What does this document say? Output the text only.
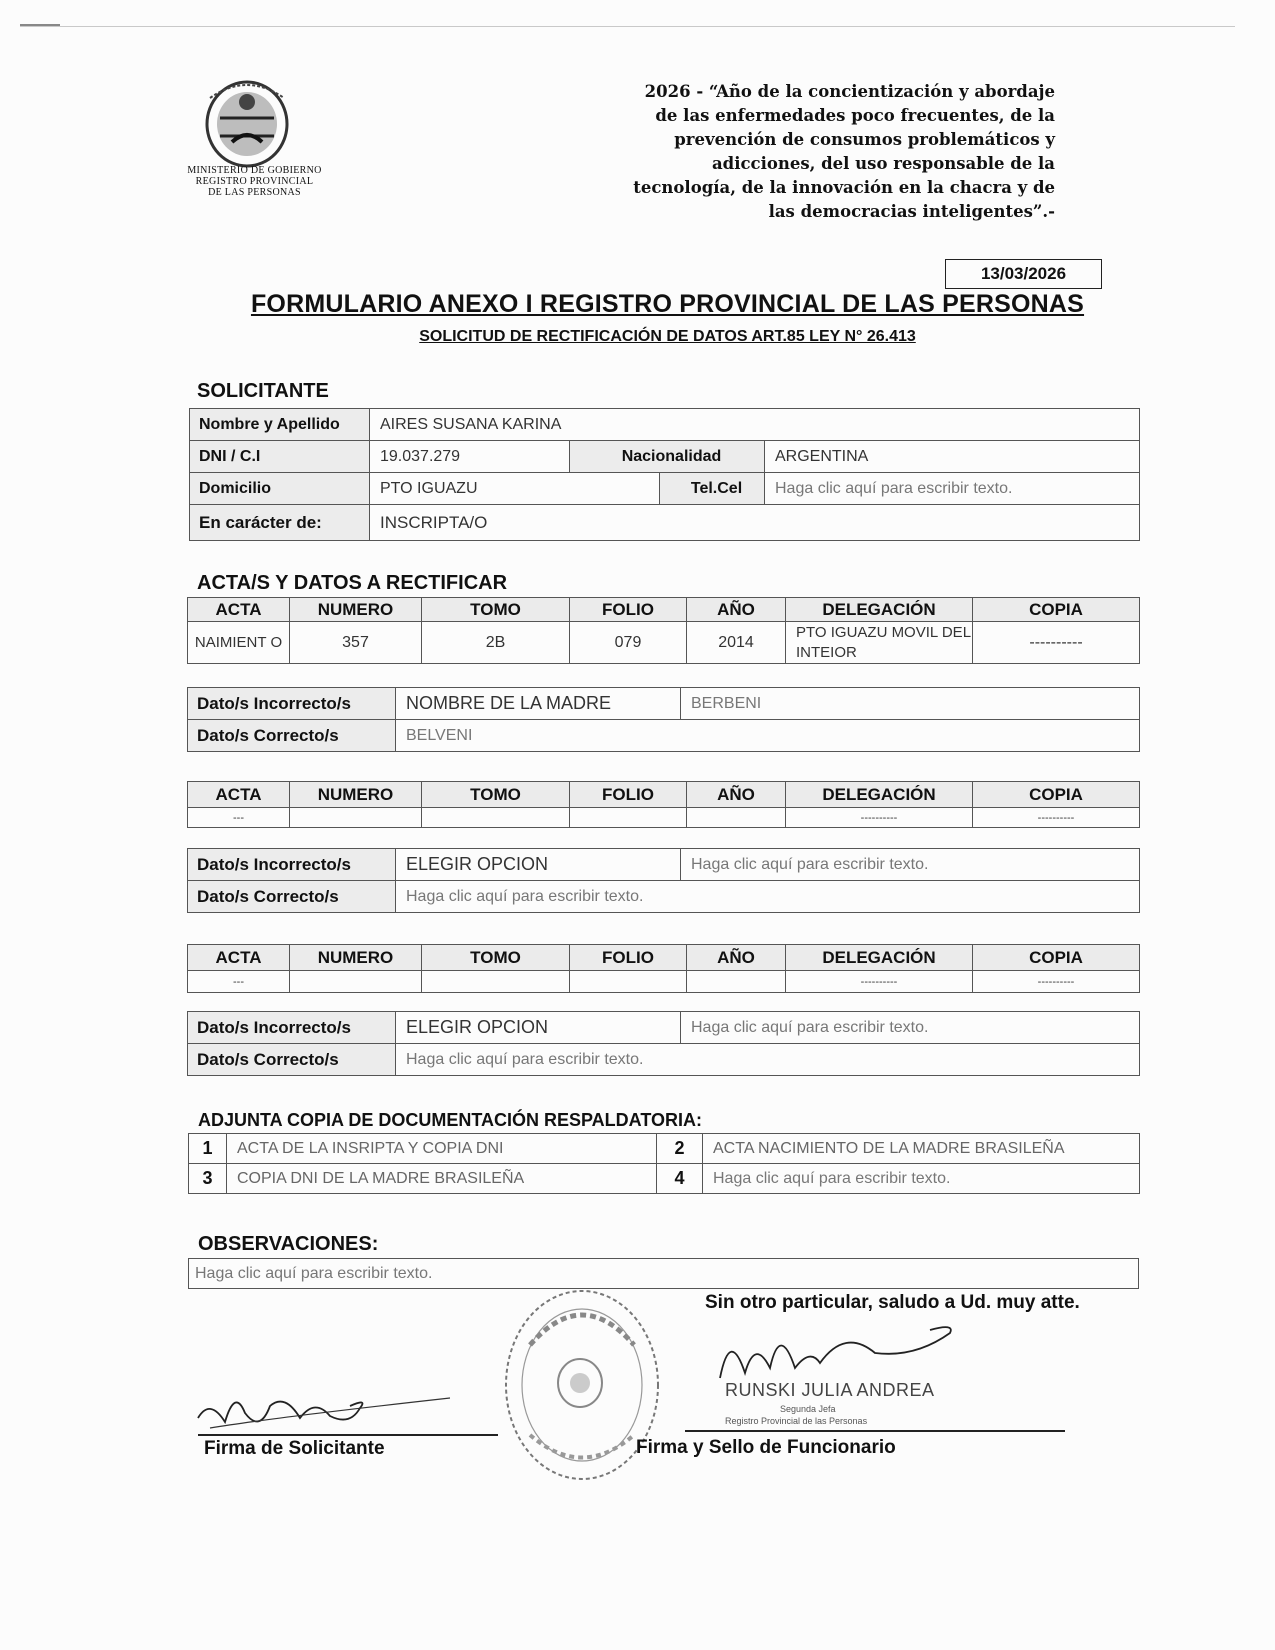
MINISTERIO DE GOBIERNO
REGISTRO PROVINCIAL
DE LAS PERSONAS
2026 - “Año de la concientización y abordaje
de las enfermedades poco frecuentes, de la
prevención de consumos problemáticos y
adicciones, del uso responsable de la
tecnología, de la innovación en la chacra y de
las democracias inteligentes”.-
13/03/2026
FORMULARIO ANEXO I REGISTRO PROVINCIAL DE LAS PERSONAS
SOLICITUD DE RECTIFICACIÓN DE DATOS ART.85 LEY N° 26.413
SOLICITANTE
Nombre y Apellido	AIRES SUSANA KARINA			
DNI / C.I	19.037.279	Nacionalidad		ARGENTINA
Domicilio	PTO IGUAZU		Tel.Cel	Haga clic aquí para escribir texto.
En carácter de:	INSCRIPTA/O			
ACTA/S Y DATOS A RECTIFICAR
ACTA	NUMERO	TOMO	FOLIO	AÑO	DELEGACIÓN	COPIA
NAIMIENT O	357	2B	079	2014	PTO IGUAZU MOVIL DEL INTEIOR	----------
Dato/s Incorrecto/s	NOMBRE DE LA MADRE	BERBENI
Dato/s Correcto/s	BELVENI	
ACTA	NUMERO	TOMO	FOLIO	AÑO	DELEGACIÓN	COPIA
---					----------	----------
Dato/s Incorrecto/s	ELEGIR OPCION	Haga clic aquí para escribir texto.
Dato/s Correcto/s	Haga clic aquí para escribir texto.	
ACTA	NUMERO	TOMO	FOLIO	AÑO	DELEGACIÓN	COPIA
---					----------	----------
Dato/s Incorrecto/s	ELEGIR OPCION	Haga clic aquí para escribir texto.
Dato/s Correcto/s	Haga clic aquí para escribir texto.	
ADJUNTA COPIA DE DOCUMENTACIÓN RESPALDATORIA:
1	ACTA DE LA INSRIPTA Y COPIA DNI	2	ACTA NACIMIENTO DE LA MADRE BRASILEÑA
3	COPIA DNI DE LA MADRE BRASILEÑA	4	Haga clic aquí para escribir texto.
OBSERVACIONES:
Haga clic aquí para escribir texto.
Sin otro particular, saludo a Ud. muy atte.
Firma de Solicitante
RUNSKI JULIA ANDREA
Segunda Jefa
Registro Provincial de las Personas
Firma y Sello de Funcionario
